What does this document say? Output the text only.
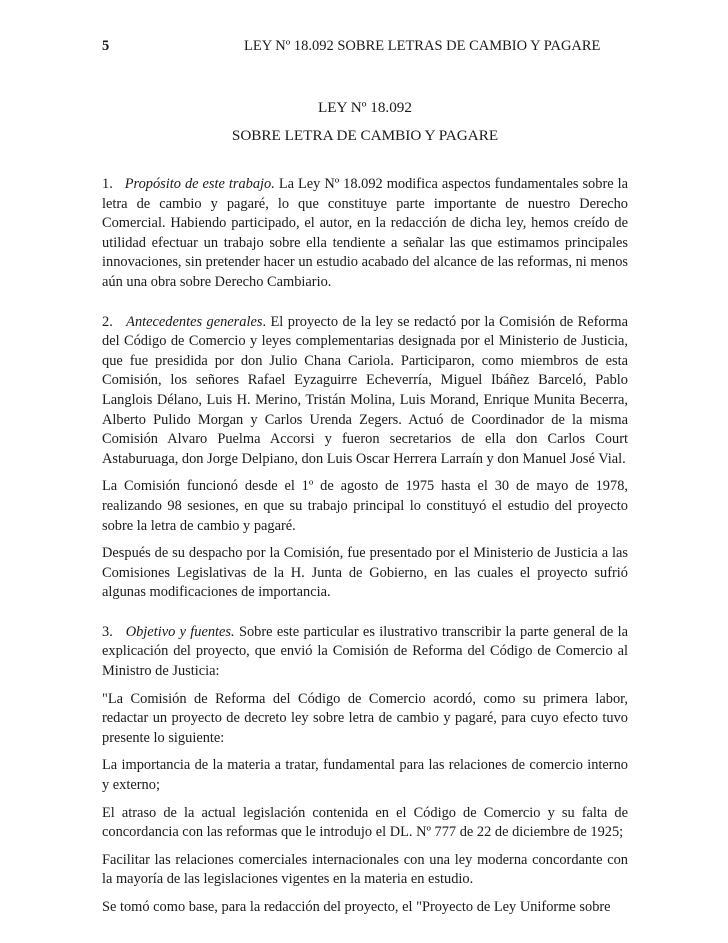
5	LEY Nº 18.092 SOBRE LETRAS DE CAMBIO Y PAGARE
LEY Nº 18.092
SOBRE LETRA DE CAMBIO Y PAGARE

1. Propósito de este trabajo. La Ley Nº 18.092 modifica aspectos fundamentales sobre la letra de cambio y pagaré, lo que constituye parte importante de nuestro Derecho Comercial. Habiendo participado, el autor, en la redacción de dicha ley, hemos creído de utilidad efectuar un trabajo sobre ella tendiente a señalar las que estimamos principales innovaciones, sin pretender hacer un estudio acabado del alcance de las reformas, ni menos aún una obra sobre Derecho Cambiario.

2. Antecedentes generales. El proyecto de la ley se redactó por la Comisión de Reforma del Código de Comercio y leyes complementarias designada por el Ministerio de Justicia, que fue presidida por don Julio Chana Cariola. Participaron, como miembros de esta Comisión, los señores Rafael Eyzaguirre Echeverría, Miguel Ibáñez Barceló, Pablo Langlois Délano, Luis H. Merino, Tristán Molina, Luis Morand, Enrique Munita Becerra, Alberto Pulido Morgan y Carlos Urenda Zegers. Actuó de Coordinador de la misma Comisión Alvaro Puelma Accorsi y fueron secretarios de ella don Carlos Court Astaburuaga, don Jorge Delpiano, don Luis Oscar Herrera Larraín y don Manuel José Vial.

La Comisión funcionó desde el 1º de agosto de 1975 hasta el 30 de mayo de 1978, realizando 98 sesiones, en que su trabajo principal lo constituyó el estudio del proyecto sobre la letra de cambio y pagaré.

Después de su despacho por la Comisión, fue presentado por el Ministerio de Justicia a las Comisiones Legislativas de la H. Junta de Gobierno, en las cuales el proyecto sufrió algunas modificaciones de importancia.

3. Objetivo y fuentes. Sobre este particular es ilustrativo transcribir la parte general de la explicación del proyecto, que envió la Comisión de Reforma del Código de Comercio al Ministro de Justicia:

"La Comisión de Reforma del Código de Comercio acordó, como su primera labor, redactar un proyecto de decreto ley sobre letra de cambio y pagaré, para cuyo efecto tuvo presente lo siguiente:

La importancia de la materia a tratar, fundamental para las relaciones de comercio interno y externo;

El atraso de la actual legislación contenida en el Código de Comercio y su falta de concordancia con las reformas que le introdujo el DL. Nº 777 de 22 de diciembre de 1925;

Facilitar las relaciones comerciales internacionales con una ley moderna concordante con la mayoría de las legislaciones vigentes en la materia en estudio.

Se tomó como base, para la redacción del proyecto, el "Proyecto de Ley Uniforme sobre
